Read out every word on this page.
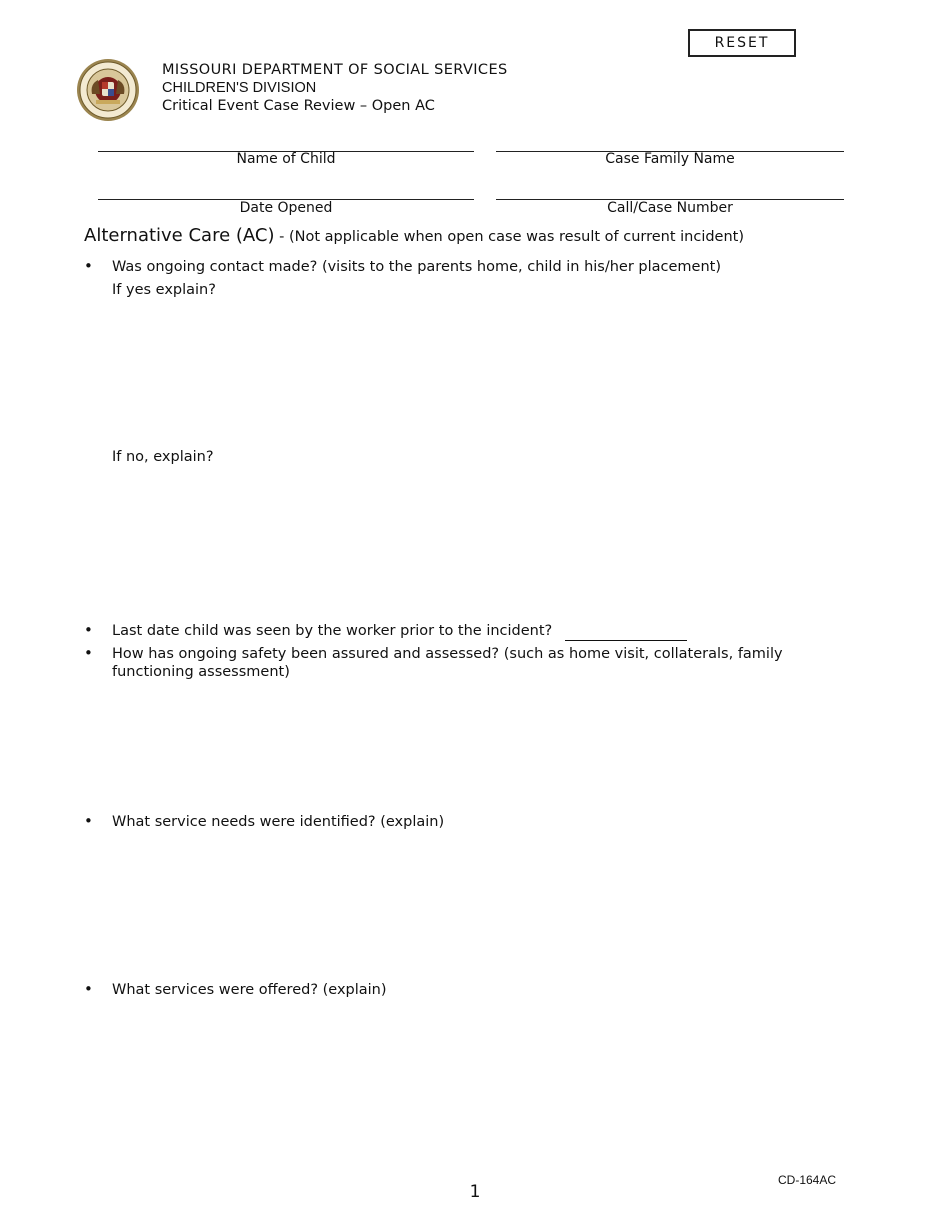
RESET
MISSOURI DEPARTMENT OF SOCIAL SERVICES
CHILDREN'S DIVISION
Critical Event Case Review – Open AC
Name of Child	Case Family Name
Date Opened	Call/Case Number
Alternative Care (AC) - (Not applicable when open case was result of current incident)
• Was ongoing contact made? (visits to the parents home, child in his/her placement)
If yes explain?
If no, explain?
• Last date child was seen by the worker prior to the incident?
• How has ongoing safety been assured and assessed? (such as home visit, collaterals, family
functioning assessment)
• What service needs were identified? (explain)
• What services were offered? (explain)
CD-164AC
1
